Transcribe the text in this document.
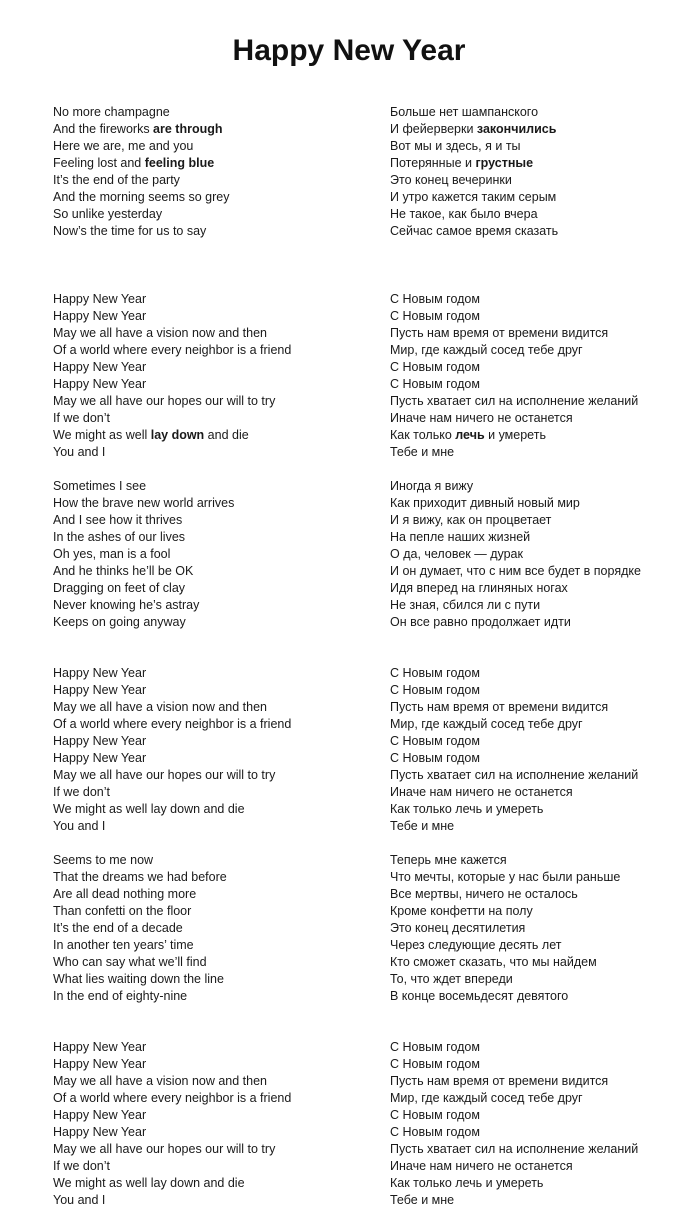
Happy New Year
No more champagne
And the fireworks are through
Here we are, me and you
Feeling lost and feeling blue
It’s the end of the party
And the morning seems so grey
So unlike yesterday
Now’s the time for us to say
Happy New Year
Happy New Year
May we all have a vision now and then
Of a world where every neighbor is a friend
Happy New Year
Happy New Year
May we all have our hopes our will to try
If we don’t
We might as well lay down and die
You and I
Sometimes I see
How the brave new world arrives
And I see how it thrives
In the ashes of our lives
Oh yes, man is a fool
And he thinks he’ll be OK
Dragging on feet of clay
Never knowing he’s astray
Keeps on going anyway
Happy New Year
Happy New Year
May we all have a vision now and then
Of a world where every neighbor is a friend
Happy New Year
Happy New Year
May we all have our hopes our will to try
If we don’t
We might as well lay down and die
You and I
Seems to me now
That the dreams we had before
Are all dead nothing more
Than confetti on the floor
It’s the end of a decade
In another ten years’ time
Who can say what we’ll find
What lies waiting down the line
In the end of eighty-nine
Happy New Year
Happy New Year
May we all have a vision now and then
Of a world where every neighbor is a friend
Happy New Year
Happy New Year
May we all have our hopes our will to try
If we don’t
We might as well lay down and die
You and I
Больше нет шампанского
И фейерверки закончились
Вот мы и здесь, я и ты
Потерянные и грустные
Это конец вечеринки
И утро кажется таким серым
Не такое, как было вчера
Сейчас самое время сказать
С Новым годом
С Новым годом
Пусть нам время от времени видится
Мир, где каждый сосед тебе друг
С Новым годом
С Новым годом
Пусть хватает сил на исполнение желаний
Иначе нам ничего не останется
Как только лечь и умереть
Тебе и мне
Иногда я вижу
Как приходит дивный новый мир
И я вижу, как он процветает
На пепле наших жизней
О да, человек — дурак
И он думает, что с ним все будет в порядке
Идя вперед на глиняных ногах
Не зная, сбился ли с пути
Он все равно продолжает идти
С Новым годом
С Новым годом
Пусть нам время от времени видится
Мир, где каждый сосед тебе друг
С Новым годом
С Новым годом
Пусть хватает сил на исполнение желаний
Иначе нам ничего не останется
Как только лечь и умереть
Тебе и мне
Теперь мне кажется
Что мечты, которые у нас были раньше
Все мертвы, ничего не осталось
Кроме конфетти на полу
Это конец десятилетия
Через следующие десять лет
Кто сможет сказать, что мы найдем
То, что ждет впереди
В конце восемьдесят девятого
С Новым годом
С Новым годом
Пусть нам время от времени видится
Мир, где каждый сосед тебе друг
С Новым годом
С Новым годом
Пусть хватает сил на исполнение желаний
Иначе нам ничего не останется
Как только лечь и умереть
Тебе и мне
